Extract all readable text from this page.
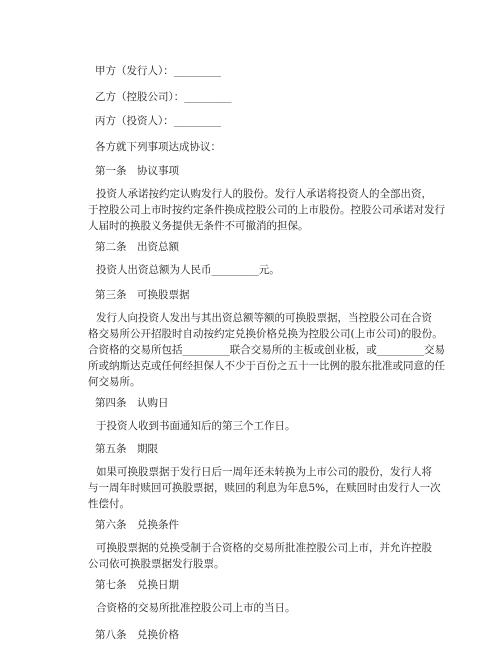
甲方（发行人）：_________
乙方（控股公司）：_________
丙方（投资人）：_________
各方就下列事项达成协议：
第一条 协议事项
投资人承诺按约定认购发行人的股份。发行人承诺将投资人的全部出资，
于控股公司上市时按约定条件换成控股公司的上市股份。控股公司承诺对发行
人届时的换股义务提供无条件不可撤消的担保。
第二条 出资总额
投资人出资总额为人民币_________元。
第三条 可换股票据
发行人向投资人发出与其出资总额等额的可换股票据，当控股公司在合资
格交易所公开招股时自动按约定兑换价格兑换为控股公司(上市公司)的股份。
合资格的交易所包括_________联合交易所的主板或创业板，或_________交易
所或纳斯达克或任何经担保人不少于百份之五十一比例的股东批准或同意的任
何交易所。
第四条 认购日
于投资人收到书面通知后的第三个工作日。
第五条 期限
如果可换股票据于发行日后一周年还未转换为上市公司的股份，发行人将
与一周年时赎回可换股票据，赎回的利息为年息5%，在赎回时由发行人一次
性偿付。
第六条 兑换条件
可换股票据的兑换受制于合资格的交易所批准控股公司上市，并允许控股
公司依可换股票据发行股票。
第七条 兑换日期
合资格的交易所批准控股公司上市的当日。
第八条 兑换价格
